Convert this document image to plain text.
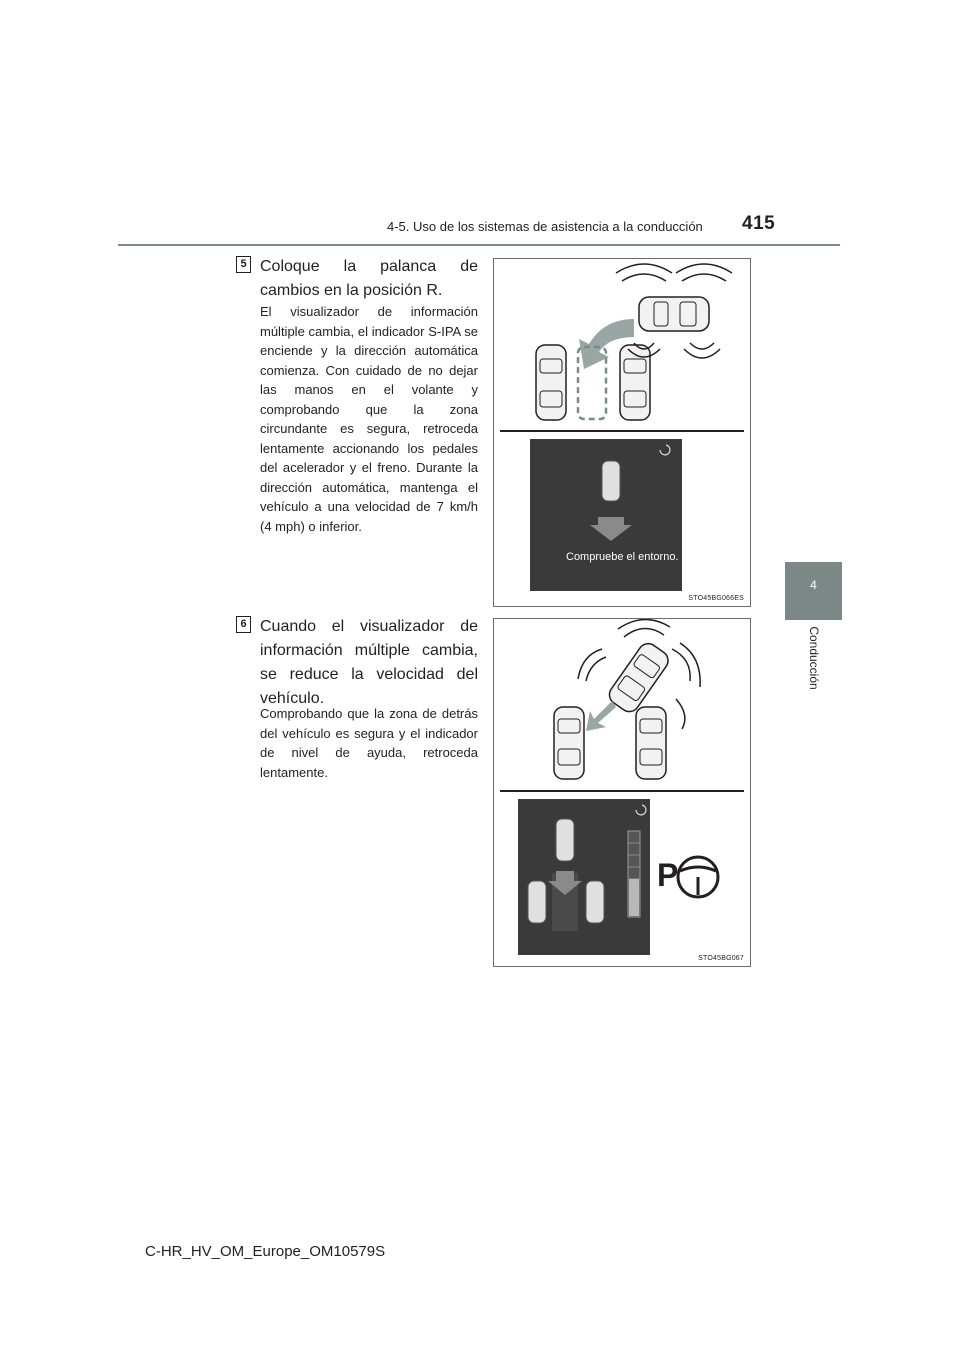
4-5. Uso de los sistemas de asistencia a la conducción 415
4
Conducción
5 Coloque la palanca de cambios en la posición R.
El visualizador de información múltiple cambia, el indicador S-IPA se enciende y la dirección automática comienza. Con cuidado de no dejar las manos en el volante y comprobando que la zona circundante es segura, retroceda lentamente accionando los pedales del acelerador y el freno. Durante la dirección automática, mantenga el vehículo a una velocidad de 7 km/h (4 mph) o inferior.
Compruebe el entorno.
STO45BG066ES
6 Cuando el visualizador de información múltiple cambia, se reduce la velocidad del vehículo.
Comprobando que la zona de detrás del vehículo es segura y el indicador de nivel de ayuda, retroceda lentamente.
P
STO45BG067
C-HR_HV_OM_Europe_OM10579S
